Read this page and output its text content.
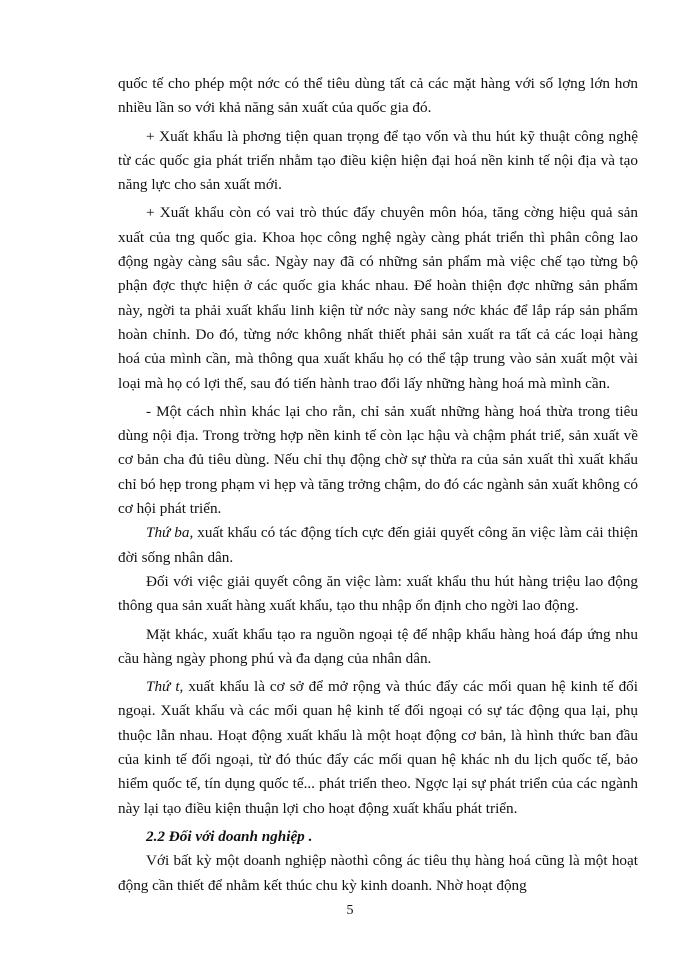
quốc tế cho phép một nớc có thể tiêu dùng tất cả các mặt hàng với số lợng lớn hơn nhiều lần so với khả năng sản xuất của quốc gia đó.

+ Xuất khẩu là phơng tiện quan trọng để tạo vốn và thu hút kỹ thuật công nghệ từ các quốc gia phát triển nhằm tạo điều kiện hiện đại hoá nền kinh tế nội địa và tạo năng lực cho sản xuất mới.

+ Xuất khẩu còn có vai trò thúc đẩy chuyên môn hóa, tăng cờng hiệu quả sản xuất của tng quốc gia. Khoa học công nghệ ngày càng phát triển thì phân công lao động ngày càng sâu sắc. Ngày nay đã có những sản phẩm mà việc chế tạo từng bộ phận đợc thực hiện ở các quốc gia khác nhau. Để hoàn thiện đợc những sản phẩm này, ngời ta phải xuất khẩu linh kiện từ nớc này sang nớc khác để lắp ráp sản phẩm hoàn chỉnh. Do đó, từng nớc không nhất thiết phải sản xuất ra tất cả các loại hàng hoá của mình cần, mà thông qua xuất khẩu họ có thể tập trung vào sản xuất một vài loại mà họ có lợi thế, sau đó tiến hành trao đổi lấy những hàng hoá mà mình cần.

- Một cách nhìn khác lại cho rằn, chỉ sản xuất những hàng hoá thừa trong tiêu dùng nội địa. Trong trờng hợp nền kinh tế còn lạc hậu và chậm phát triể, sản xuất về cơ bản cha đủ tiêu dùng. Nếu chỉ thụ động chờ sự thừa ra của sản xuất thì xuất khẩu chỉ bó hẹp trong phạm vi hẹp và tăng trởng chậm, do đó các ngành sản xuất không có cơ hội phát triển.

Thứ ba, xuất khẩu có tác động tích cực đến giải quyết công ăn việc làm cải thiện đời sống nhân dân.

Đối với việc giải quyết công ăn việc làm: xuất khẩu thu hút hàng triệu lao động thông qua sản xuất hàng xuất khẩu, tạo thu nhập ổn định cho ngời lao động.

Mặt khác, xuất khẩu tạo ra nguồn ngoại tệ để nhập khẩu hàng hoá đáp ứng nhu cầu hàng ngày phong phú và đa dạng của nhân dân.

Thứ t, xuất khẩu là cơ sở để mở rộng và thúc đẩy các mối quan hệ kinh tế đối ngoại. Xuất khẩu và các mối quan hệ kinh tế đối ngoại có sự tác động qua lại, phụ thuộc lẫn nhau. Hoạt động xuất khẩu là một hoạt động cơ bản, là hình thức ban đầu của kinh tế đối ngoại, từ đó thúc đẩy các mối quan hệ khác nh du lịch quốc tế, bảo hiểm quốc tế, tín dụng quốc tế... phát triển theo. Ngợc lại sự phát triển của các ngành này lại tạo điều kiện thuận lợi cho hoạt động xuất khẩu phát triển.

2.2 Đối với doanh nghiệp .

Với bất kỳ một doanh nghiệp nàothì công ác tiêu thụ hàng hoá cũng là một hoạt động cần thiết để nhằm kết thúc chu kỳ kinh doanh. Nhờ hoạt động

5
